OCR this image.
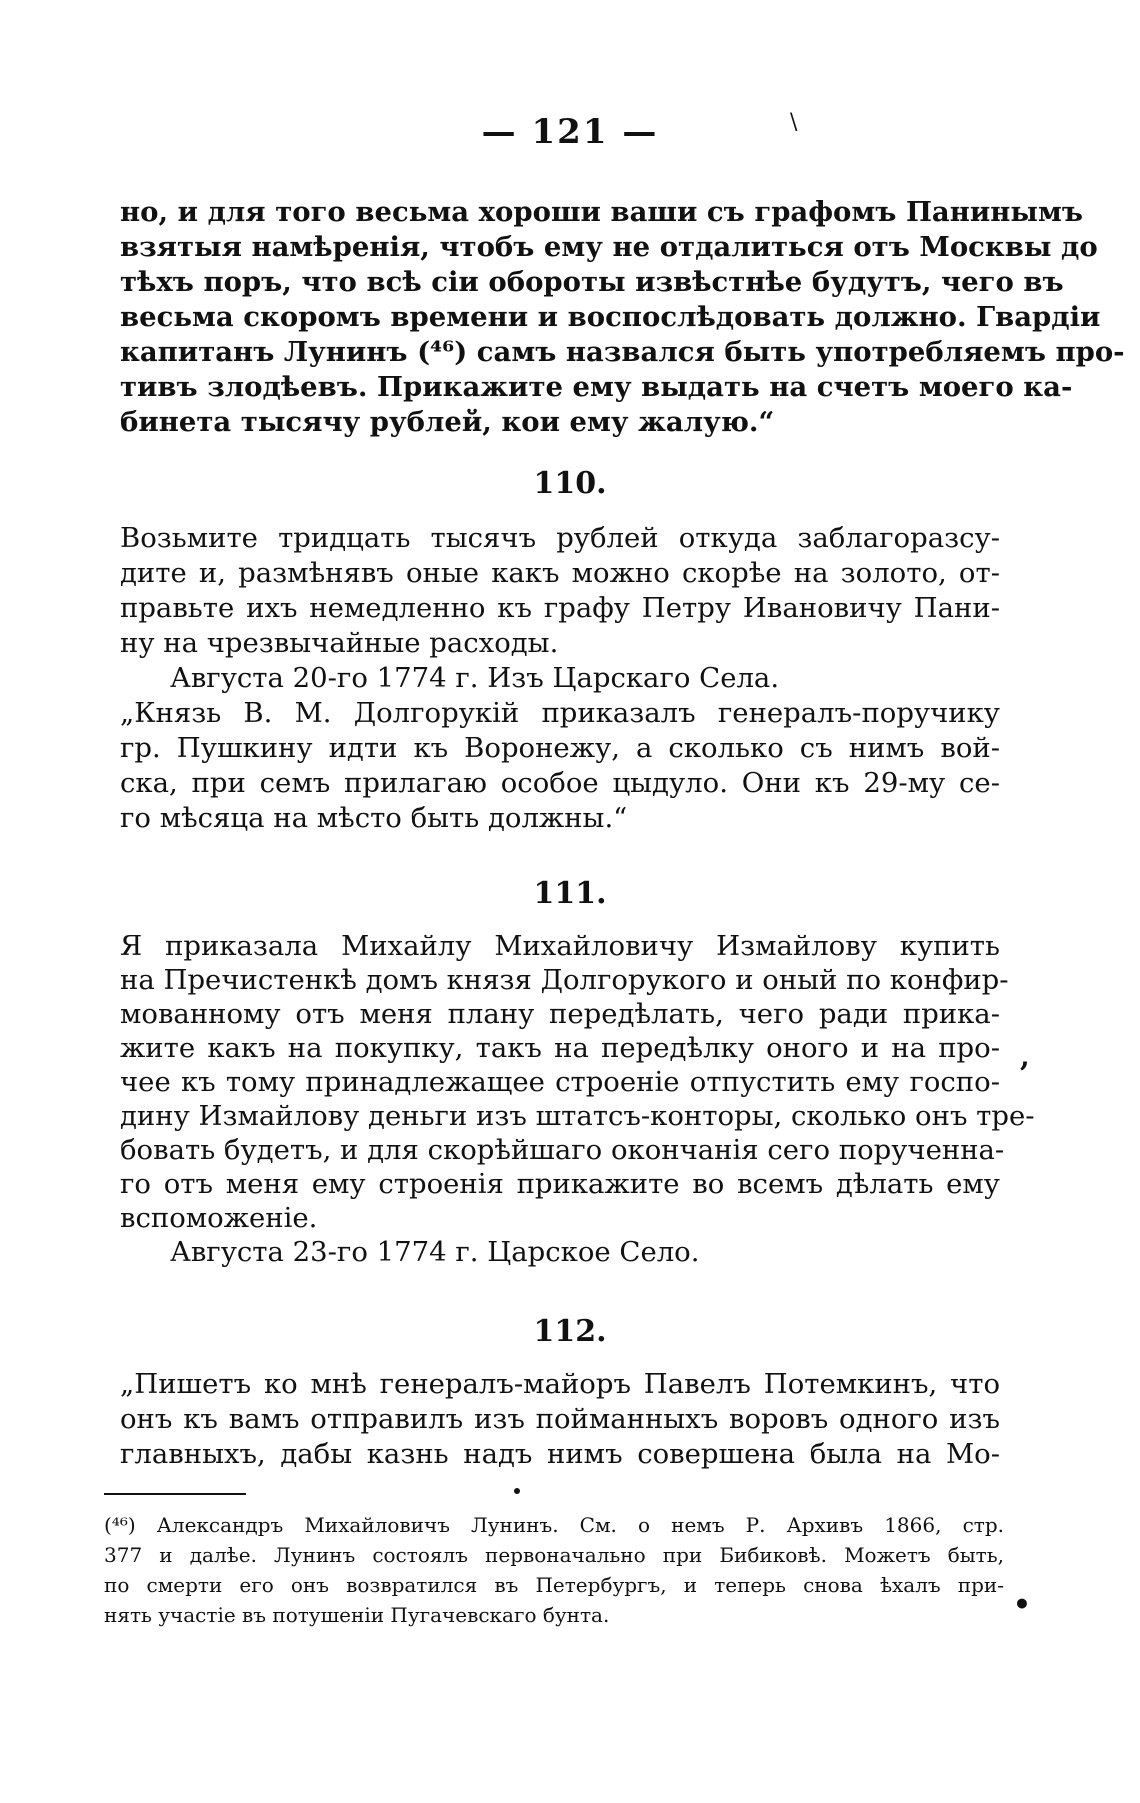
— 121 —	\
но, и для того весьма хороши ваши съ графомъ Панинымъ
взятыя намѣренія, чтобъ ему не отдалиться отъ Москвы до
тѣхъ поръ, что всѣ сіи обороты извѣстнѣе будутъ, чего въ
весьма скоромъ времени и воспослѣдовать должно. Гвардіи
капитанъ Лунинъ (⁴⁶) самъ назвался быть употребляемъ про-
тивъ злодѣевъ. Прикажите ему выдать на счетъ моего ка-
бинета тысячу рублей, кои ему жалую.“
110.
Возьмите тридцать тысячъ рублей откуда заблагоразсу-
дите и, размѣнявъ оные какъ можно скорѣе на золото, от-
правьте ихъ немедленно къ графу Петру Ивановичу Пани-
ну на чрезвычайные расходы.
Августа 20-го 1774 г. Изъ Царскаго Села.
„Князь В. М. Долгорукій приказалъ генералъ-поручику
гр. Пушкину идти къ Воронежу, а сколько съ нимъ вой-
ска, при семъ прилагаю особое цыдуло. Они къ 29-му се-
го мѣсяца на мѣсто быть должны.“
111.
Я приказала Михайлу Михайловичу Измайлову купить
на Пречистенкѣ домъ князя Долгорукого и оный по конфир-
мованному отъ меня плану передѣлать, чего ради прика-
жите какъ на покупку, такъ на передѣлку оного и на про-
чее къ тому принадлежащее строеніе отпустить ему госпо-
дину Измайлову деньги изъ штатсъ-конторы, сколько онъ тре-
бовать будетъ, и для скорѣйшаго окончанія сего порученна-
го отъ меня ему строенія прикажите во всемъ дѣлать ему
вспоможеніе.
Августа 23-го 1774 г. Царское Село.
112.
„Пишетъ ко мнѣ генералъ-майоръ Павелъ Потемкинъ, что
онъ къ вамъ отправилъ изъ пойманныхъ воровъ одного изъ
главныхъ, дабы казнь надъ нимъ совершена была на Мо-
(⁴⁶) Александръ Михайловичъ Лунинъ. См. о немъ Р. Архивъ 1866, стр.
377 и далѣе. Лунинъ состоялъ первоначально при Бибиковѣ. Можетъ быть,
по смерти его онъ возвратился въ Петербургъ, и теперь снова ѣхалъ при-
нять участіе въ потушеніи Пугачевскаго бунта.
,
•
